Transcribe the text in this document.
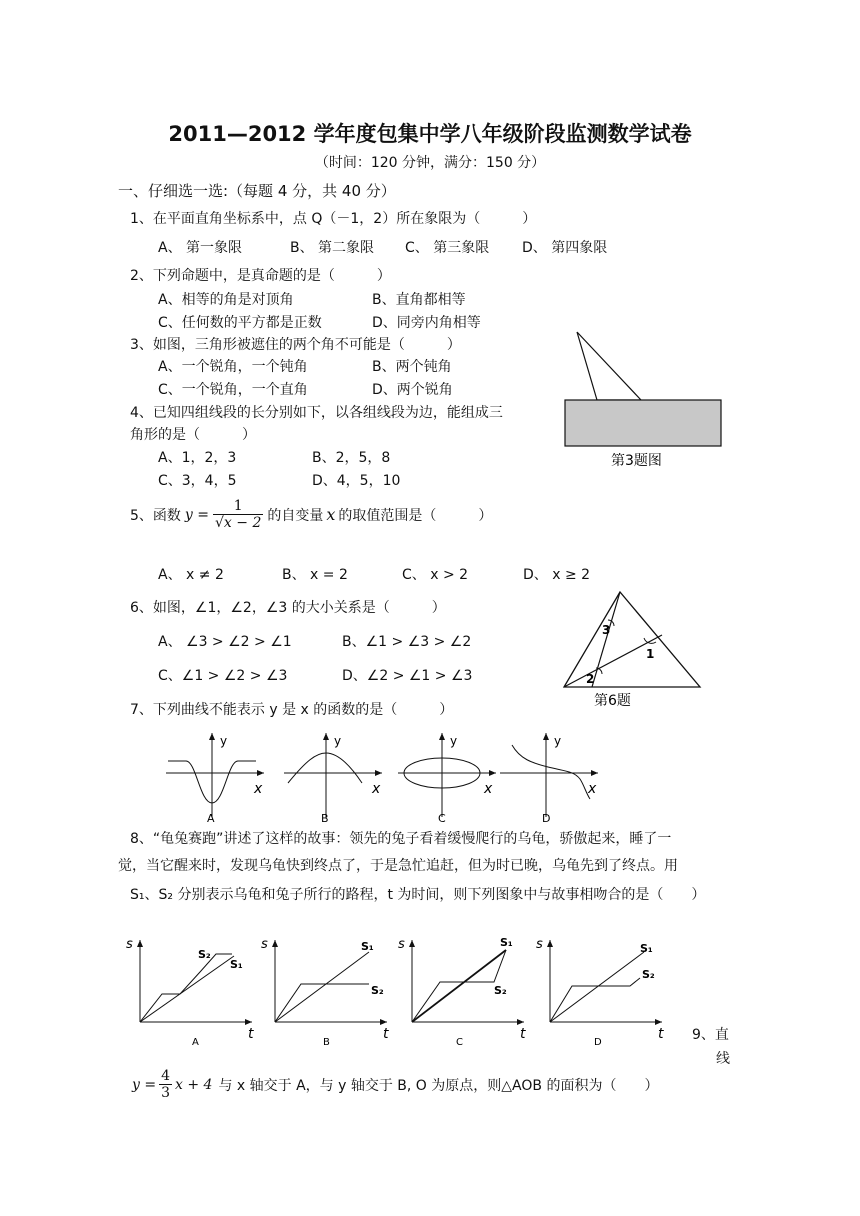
2011—2012 学年度包集中学八年级阶段监测数学试卷
（时间：120 分钟，满分：150 分）
一、仔细选一选:（每题 4 分，共 40 分）
1、在平面直角坐标系中，点 Q（－1，2）所在象限为（　　　）
A、 第一象限	B、 第二象限 C、 第三象限 D、 第四象限
2、下列命题中，是真命题的是（　　　）
A、相等的角是对顶角	B、直角都相等
C、任何数的平方都是正数	D、同旁内角相等
3、如图，三角形被遮住的两个角不可能是（　　　）
A、一个锐角，一个钝角	B、两个钝角
C、一个锐角，一个直角	D、两个锐角
第3题图
4、已知四组线段的长分别如下，以各组线段为边，能组成三
角形的是（　　　）
A、1，2，3	B、2，5，8
C、3，4，5	D、4，5，10
5、函数 $y = \frac{1}{√x - 2}$ 的自变量 x 的取值范围是（　　　）
A、 x ≠ 2	B、 x = 2	C、 x > 2	D、 x ≥ 2
6、如图，∠1，∠2，∠3 的大小关系是（　　　）
A、 ∠3 > ∠2 > ∠1	B、∠1 > ∠3 > ∠2
C、∠1 > ∠2 > ∠3	D、∠2 > ∠1 > ∠3
1
2
3
第6题
7、下列曲线不能表示 y 是 x 的函数的是（　　　）
y
x
A
y
x
B
y
x
C
y
x
D
8、“龟兔赛跑”讲述了这样的故事：领先的兔子看着缓慢爬行的乌龟，骄傲起来，睡了一
觉，当它醒来时，发现乌龟快到终点了，于是急忙追赶，但为时已晚，乌龟先到了终点。用
S₁、S₂ 分别表示乌龟和兔子所行的路程，t 为时间，则下列图象中与故事相吻合的是（　　）
s
t
S₂
S₁
A
s
t
S₁
S₂
B
s
t
S₁
S₂
C
s
t
S₁
S₂
D	9、直
线
$y = \frac{4}{3}$ x + 4 与 x 轴交于 A，与 y 轴交于 B, O 为原点，则△AOB 的面积为（　　）
